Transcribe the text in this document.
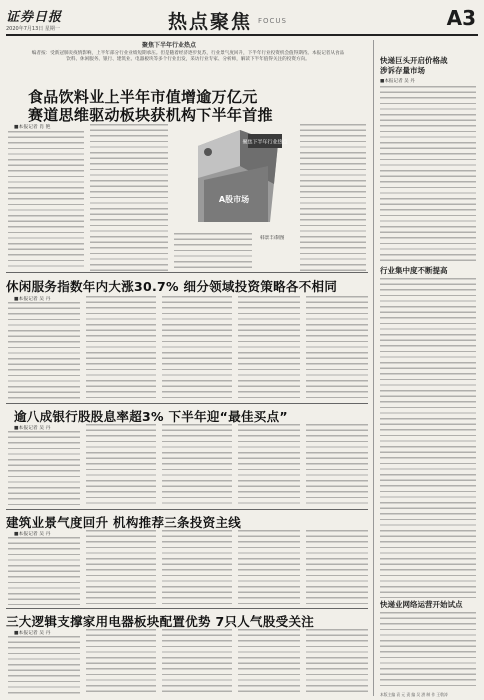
证券日报
2020年7月13日 星期一	热点聚焦 FOCUS	A3
聚焦下半年行业热点
编者按：受新冠肺炎疫情影响，上半年部分行业业绩短期承压。但是随着经济逐步复苏，行业景气度回升，下半年行业投资机会值得期待。本报记者从食品饮料、休闲服务、银行、建筑业、电器板块等多个行业出发，采访行业专家、分析师，解读下半年值得关注的投资方向。
食品饮料业上半年市值增逾万亿元
赛道思维驱动板块获机构下半年首推
■本报记者 肖 艳
聚焦下半年行业热点
A股市场
韩景丰/制图
休闲服务指数年内大涨30.7% 细分领域投资策略各不相同
■本报记者 吴 丹
逾八成银行股股息率超3% 下半年迎“最佳买点”
■本报记者 吴 丹
建筑业景气度回升 机构推荐三条投资主线
■本报记者 吴 丹
三大逻辑支撑家用电器板块配置优势 7只人气股受关注
■本报记者 吴 丹
快递巨头开启价格战
涉诉存量市场
■本报记者 吴 丹
行业集中度不断提高
快递业网络运营开始试点
本版主编 袁 元 责 编 吴 澍 制 作 王敬涛
